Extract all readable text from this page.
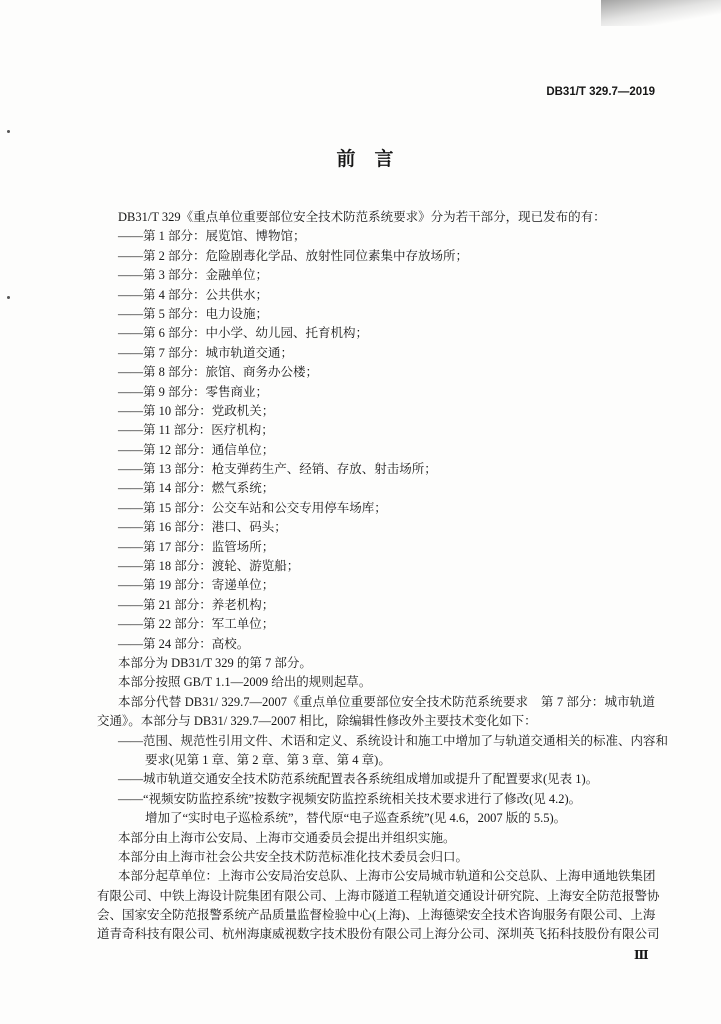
DB31/T 329.7—2019
前　言
DB31/T 329《重点单位重要部位安全技术防范系统要求》分为若干部分，现已发布的有：
——第 1 部分：展览馆、博物馆；
——第 2 部分：危险剧毒化学品、放射性同位素集中存放场所；
——第 3 部分：金融单位；
——第 4 部分：公共供水；
——第 5 部分：电力设施；
——第 6 部分：中小学、幼儿园、托育机构；
——第 7 部分：城市轨道交通；
——第 8 部分：旅馆、商务办公楼；
——第 9 部分：零售商业；
——第 10 部分：党政机关；
——第 11 部分：医疗机构；
——第 12 部分：通信单位；
——第 13 部分：枪支弹药生产、经销、存放、射击场所；
——第 14 部分：燃气系统；
——第 15 部分：公交车站和公交专用停车场库；
——第 16 部分：港口、码头；
——第 17 部分：监管场所；
——第 18 部分：渡轮、游览船；
——第 19 部分：寄递单位；
——第 21 部分：养老机构；
——第 22 部分：军工单位；
——第 24 部分：高校。
本部分为 DB31/T 329 的第 7 部分。
本部分按照 GB/T 1.1—2009 给出的规则起草。
本部分代替 DB31/ 329.7—2007《重点单位重要部位安全技术防范系统要求　第 7 部分：城市轨道
交通》。本部分与 DB31/ 329.7—2007 相比，除编辑性修改外主要技术变化如下：
——范围、规范性引用文件、术语和定义、系统设计和施工中增加了与轨道交通相关的标准、内容和
要求(见第 1 章、第 2 章、第 3 章、第 4 章)。
——城市轨道交通安全技术防范系统配置表各系统组成增加或提升了配置要求(见表 1)。
——“视频安防监控系统”按数字视频安防监控系统相关技术要求进行了修改(见 4.2)。
增加了“实时电子巡检系统”，替代原“电子巡查系统”(见 4.6，2007 版的 5.5)。
本部分由上海市公安局、上海市交通委员会提出并组织实施。
本部分由上海市社会公共安全技术防范标准化技术委员会归口。
本部分起草单位：上海市公安局治安总队、上海市公安局城市轨道和公交总队、上海申通地铁集团
有限公司、中铁上海设计院集团有限公司、上海市隧道工程轨道交通设计研究院、上海安全防范报警协
会、国家安全防范报警系统产品质量监督检验中心(上海)、上海德梁安全技术咨询服务有限公司、上海
道青奇科技有限公司、杭州海康威视数字技术股份有限公司上海分公司、深圳英飞拓科技股份有限公司
Ⅲ
